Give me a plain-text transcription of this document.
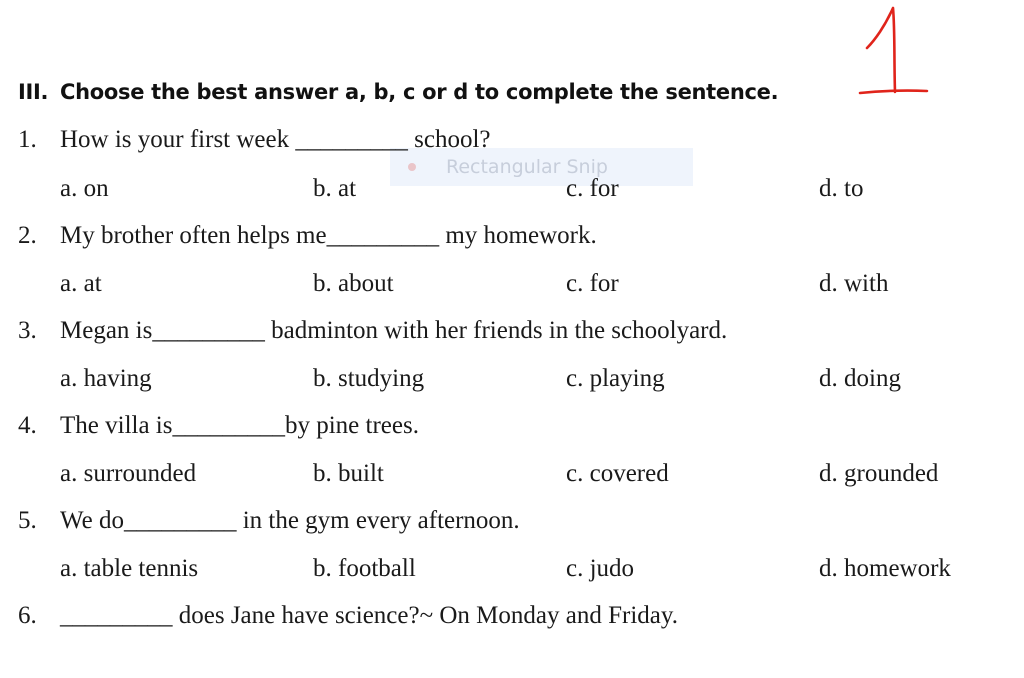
Rectangular Snip
III. Choose the best answer a, b, c or d to complete the sentence.
1. How is your first week _________ school?
a. on	b. at	c. for	d. to
2. My brother often helps me_________ my homework.
a. at	b. about	c. for	d. with
3. Megan is_________ badminton with her friends in the schoolyard.
a. having	b. studying	c. playing	d. doing
4. The villa is_________by pine trees.
a. surrounded	b. built	c. covered	d. grounded
5. We do_________ in the gym every afternoon.
a. table tennis	b. football	c. judo	d. homework
6. _________ does Jane have science?~ On Monday and Friday.
